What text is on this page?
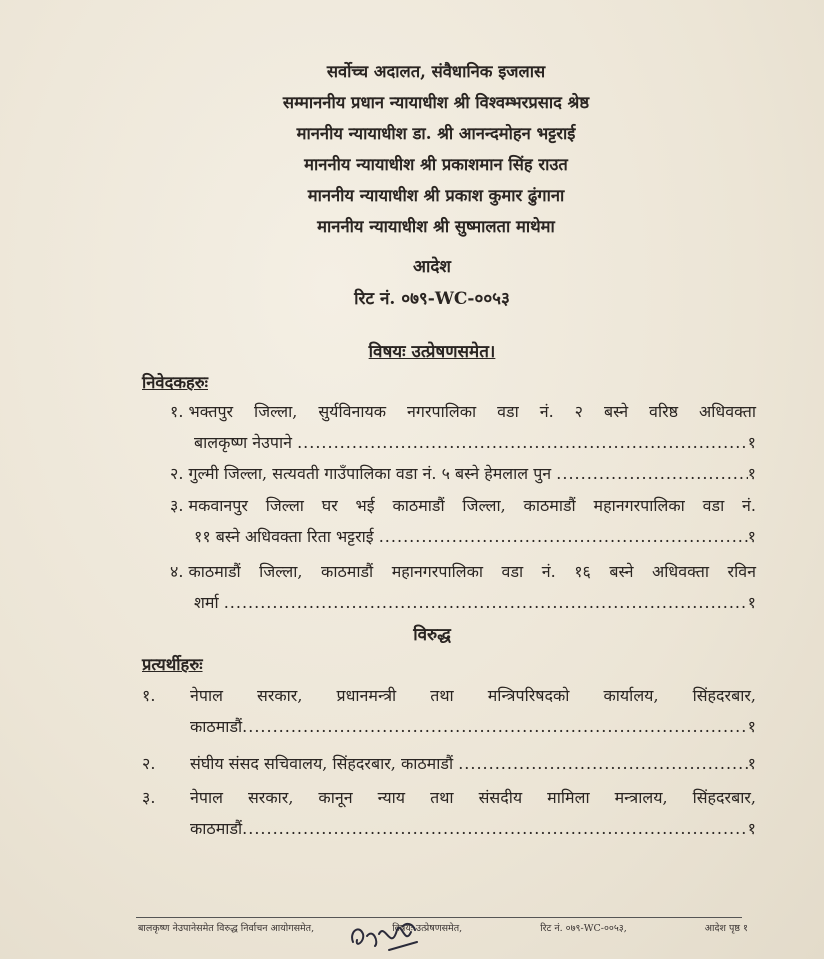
सर्वोच्च अदालत, संवैधानिक इजलास
सम्माननीय प्रधान न्यायाधीश श्री विश्वम्भरप्रसाद श्रेष्ठ
माननीय न्यायाधीश डा. श्री आनन्दमोहन भट्टराई
माननीय न्यायाधीश श्री प्रकाशमान सिंह राउत
माननीय न्यायाधीश श्री प्रकाश कुमार ढुंगाना
माननीय न्यायाधीश श्री सुष्मालता माथेमा
आदेश
रिट नं. ०७९-WC-००५३
विषयः उत्प्रेषणसमेत।
निवेदकहरुः
१.
भक्तपुर जिल्ला, सुर्यविनायक नगरपालिका वडा नं. २ बस्ने वरिष्ठ अधिवक्ता
बालकृष्ण नेउपाने
.....	१
२.
गुल्मी जिल्ला, सत्यवती गाउँपालिका वडा नं. ५ बस्ने हेमलाल पुन
.....	१
३.
मकवानपुर जिल्ला घर भई काठमाडौं जिल्ला, काठमाडौं महानगरपालिका वडा नं.
११ बस्ने अधिवक्ता रिता भट्टराई
.....	१
४.
काठमाडौं जिल्ला, काठमाडौं महानगरपालिका वडा नं. १६ बस्ने अधिवक्ता रविन
शर्मा
.....	१
विरुद्ध
प्रत्यर्थीहरुः
१.	नेपाल सरकार, प्रधानमन्त्री तथा मन्त्रिपरिषदको कार्यालय, सिंहदरबार,
काठमाडौं .....	१
२.	संघीय संसद सचिवालय, सिंहदरबार, काठमाडौं
.....	१
३.	नेपाल सरकार, कानून न्याय तथा संसदीय मामिला मन्त्रालय, सिंहदरबार,
काठमाडौं .....	१
बालकृष्ण नेउपानेसमेत विरुद्ध निर्वाचन आयोगसमेत,	विषयः उत्प्रेषणसमेत,	रिट नं. ०७९-WC-००५३,	आदेश पृष्ठ १
